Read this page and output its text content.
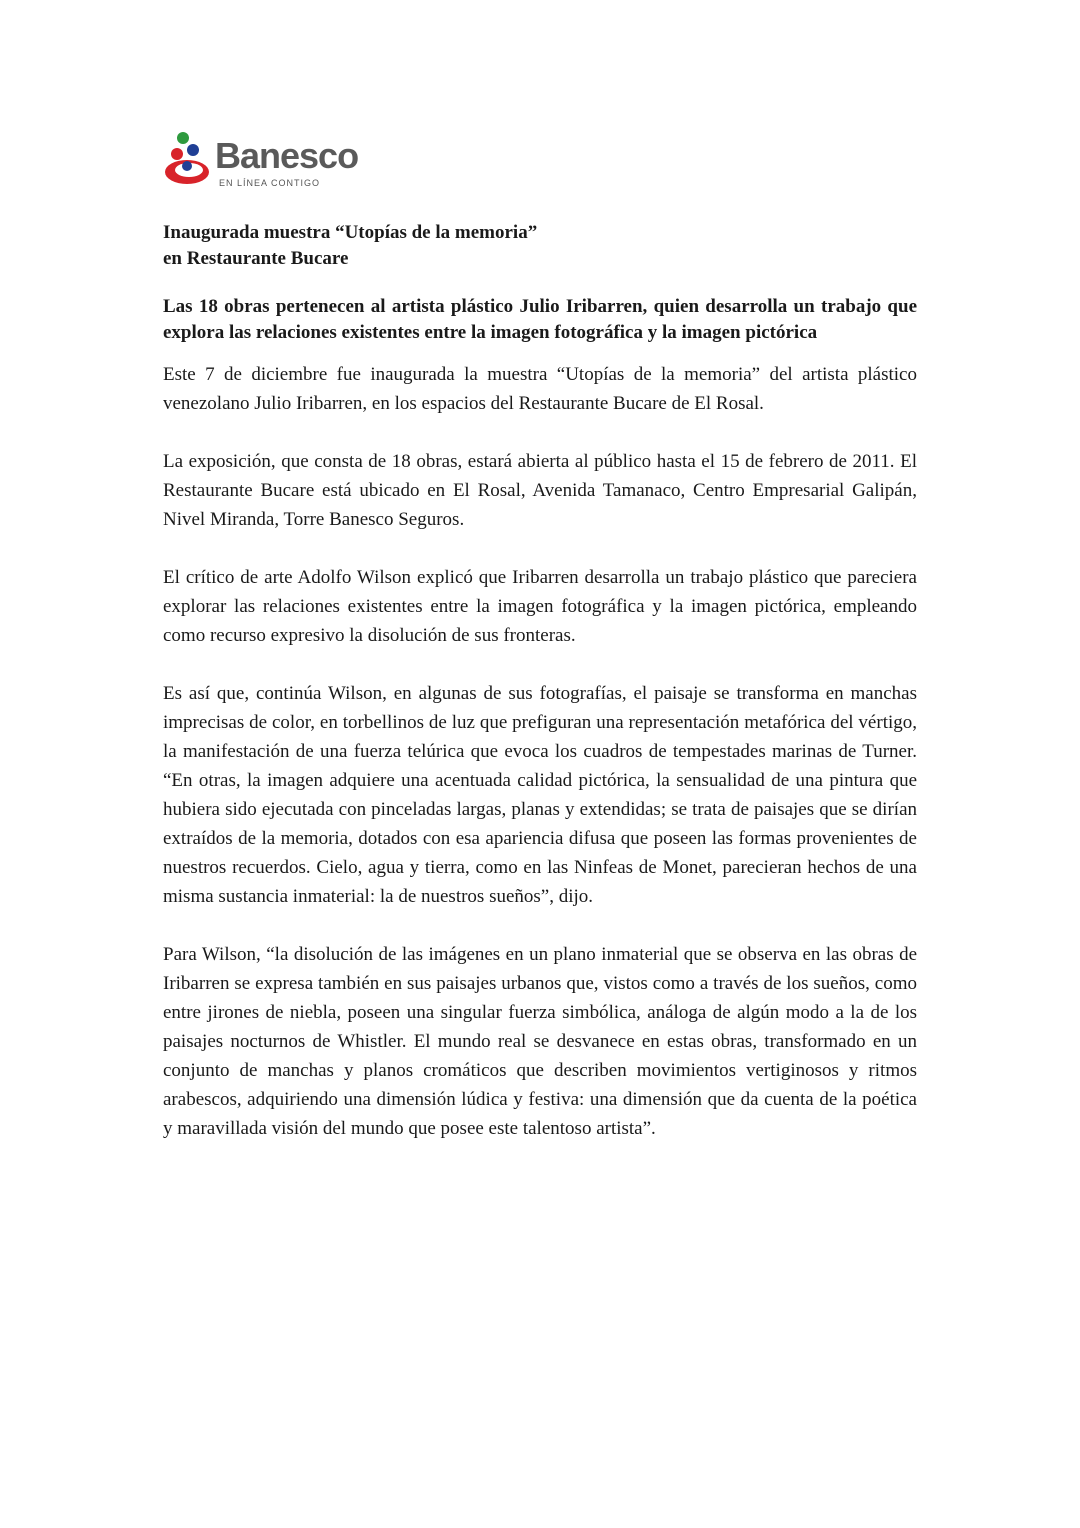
Banesco
EN LÍNEA CONTIGO
Inaugurada muestra “Utopías de la memoria”
en Restaurante Bucare
Las 18 obras pertenecen al artista plástico Julio Iribarren, quien desarrolla un trabajo que explora las relaciones existentes entre la imagen fotográfica y la imagen pictórica

Este 7 de diciembre fue inaugurada la muestra “Utopías de la memoria” del artista plástico venezolano Julio Iribarren, en los espacios del Restaurante Bucare de El Rosal.

La exposición, que consta de 18 obras, estará abierta al público hasta el 15 de febrero de 2011. El Restaurante Bucare está ubicado en El Rosal, Avenida Tamanaco, Centro Empresarial Galipán, Nivel Miranda, Torre Banesco Seguros.

El crítico de arte Adolfo Wilson explicó que Iribarren desarrolla un trabajo plástico que pareciera explorar las relaciones existentes entre la imagen fotográfica y la imagen pictórica, empleando como recurso expresivo la disolución de sus fronteras.

Es así que, continúa Wilson, en algunas de sus fotografías, el paisaje se transforma en manchas imprecisas de color, en torbellinos de luz que prefiguran una representación metafórica del vértigo, la manifestación de una fuerza telúrica que evoca los cuadros de tempestades marinas de Turner. “En otras, la imagen adquiere una acentuada calidad pictórica, la sensualidad de una pintura que hubiera sido ejecutada con pinceladas largas, planas y extendidas; se trata de paisajes que se dirían extraídos de la memoria, dotados con esa apariencia difusa que poseen las formas provenientes de nuestros recuerdos. Cielo, agua y tierra, como en las Ninfeas de Monet, parecieran hechos de una misma sustancia inmaterial: la de nuestros sueños”, dijo.

Para Wilson, “la disolución de las imágenes en un plano inmaterial que se observa en las obras de Iribarren se expresa también en sus paisajes urbanos que, vistos como a través de los sueños, como entre jirones de niebla, poseen una singular fuerza simbólica, análoga de algún modo a la de los paisajes nocturnos de Whistler. El mundo real se desvanece en estas obras, transformado en un conjunto de manchas y planos cromáticos que describen movimientos vertiginosos y ritmos arabescos, adquiriendo una dimensión lúdica y festiva: una dimensión que da cuenta de la poética y maravillada visión del mundo que posee este talentoso artista”.
